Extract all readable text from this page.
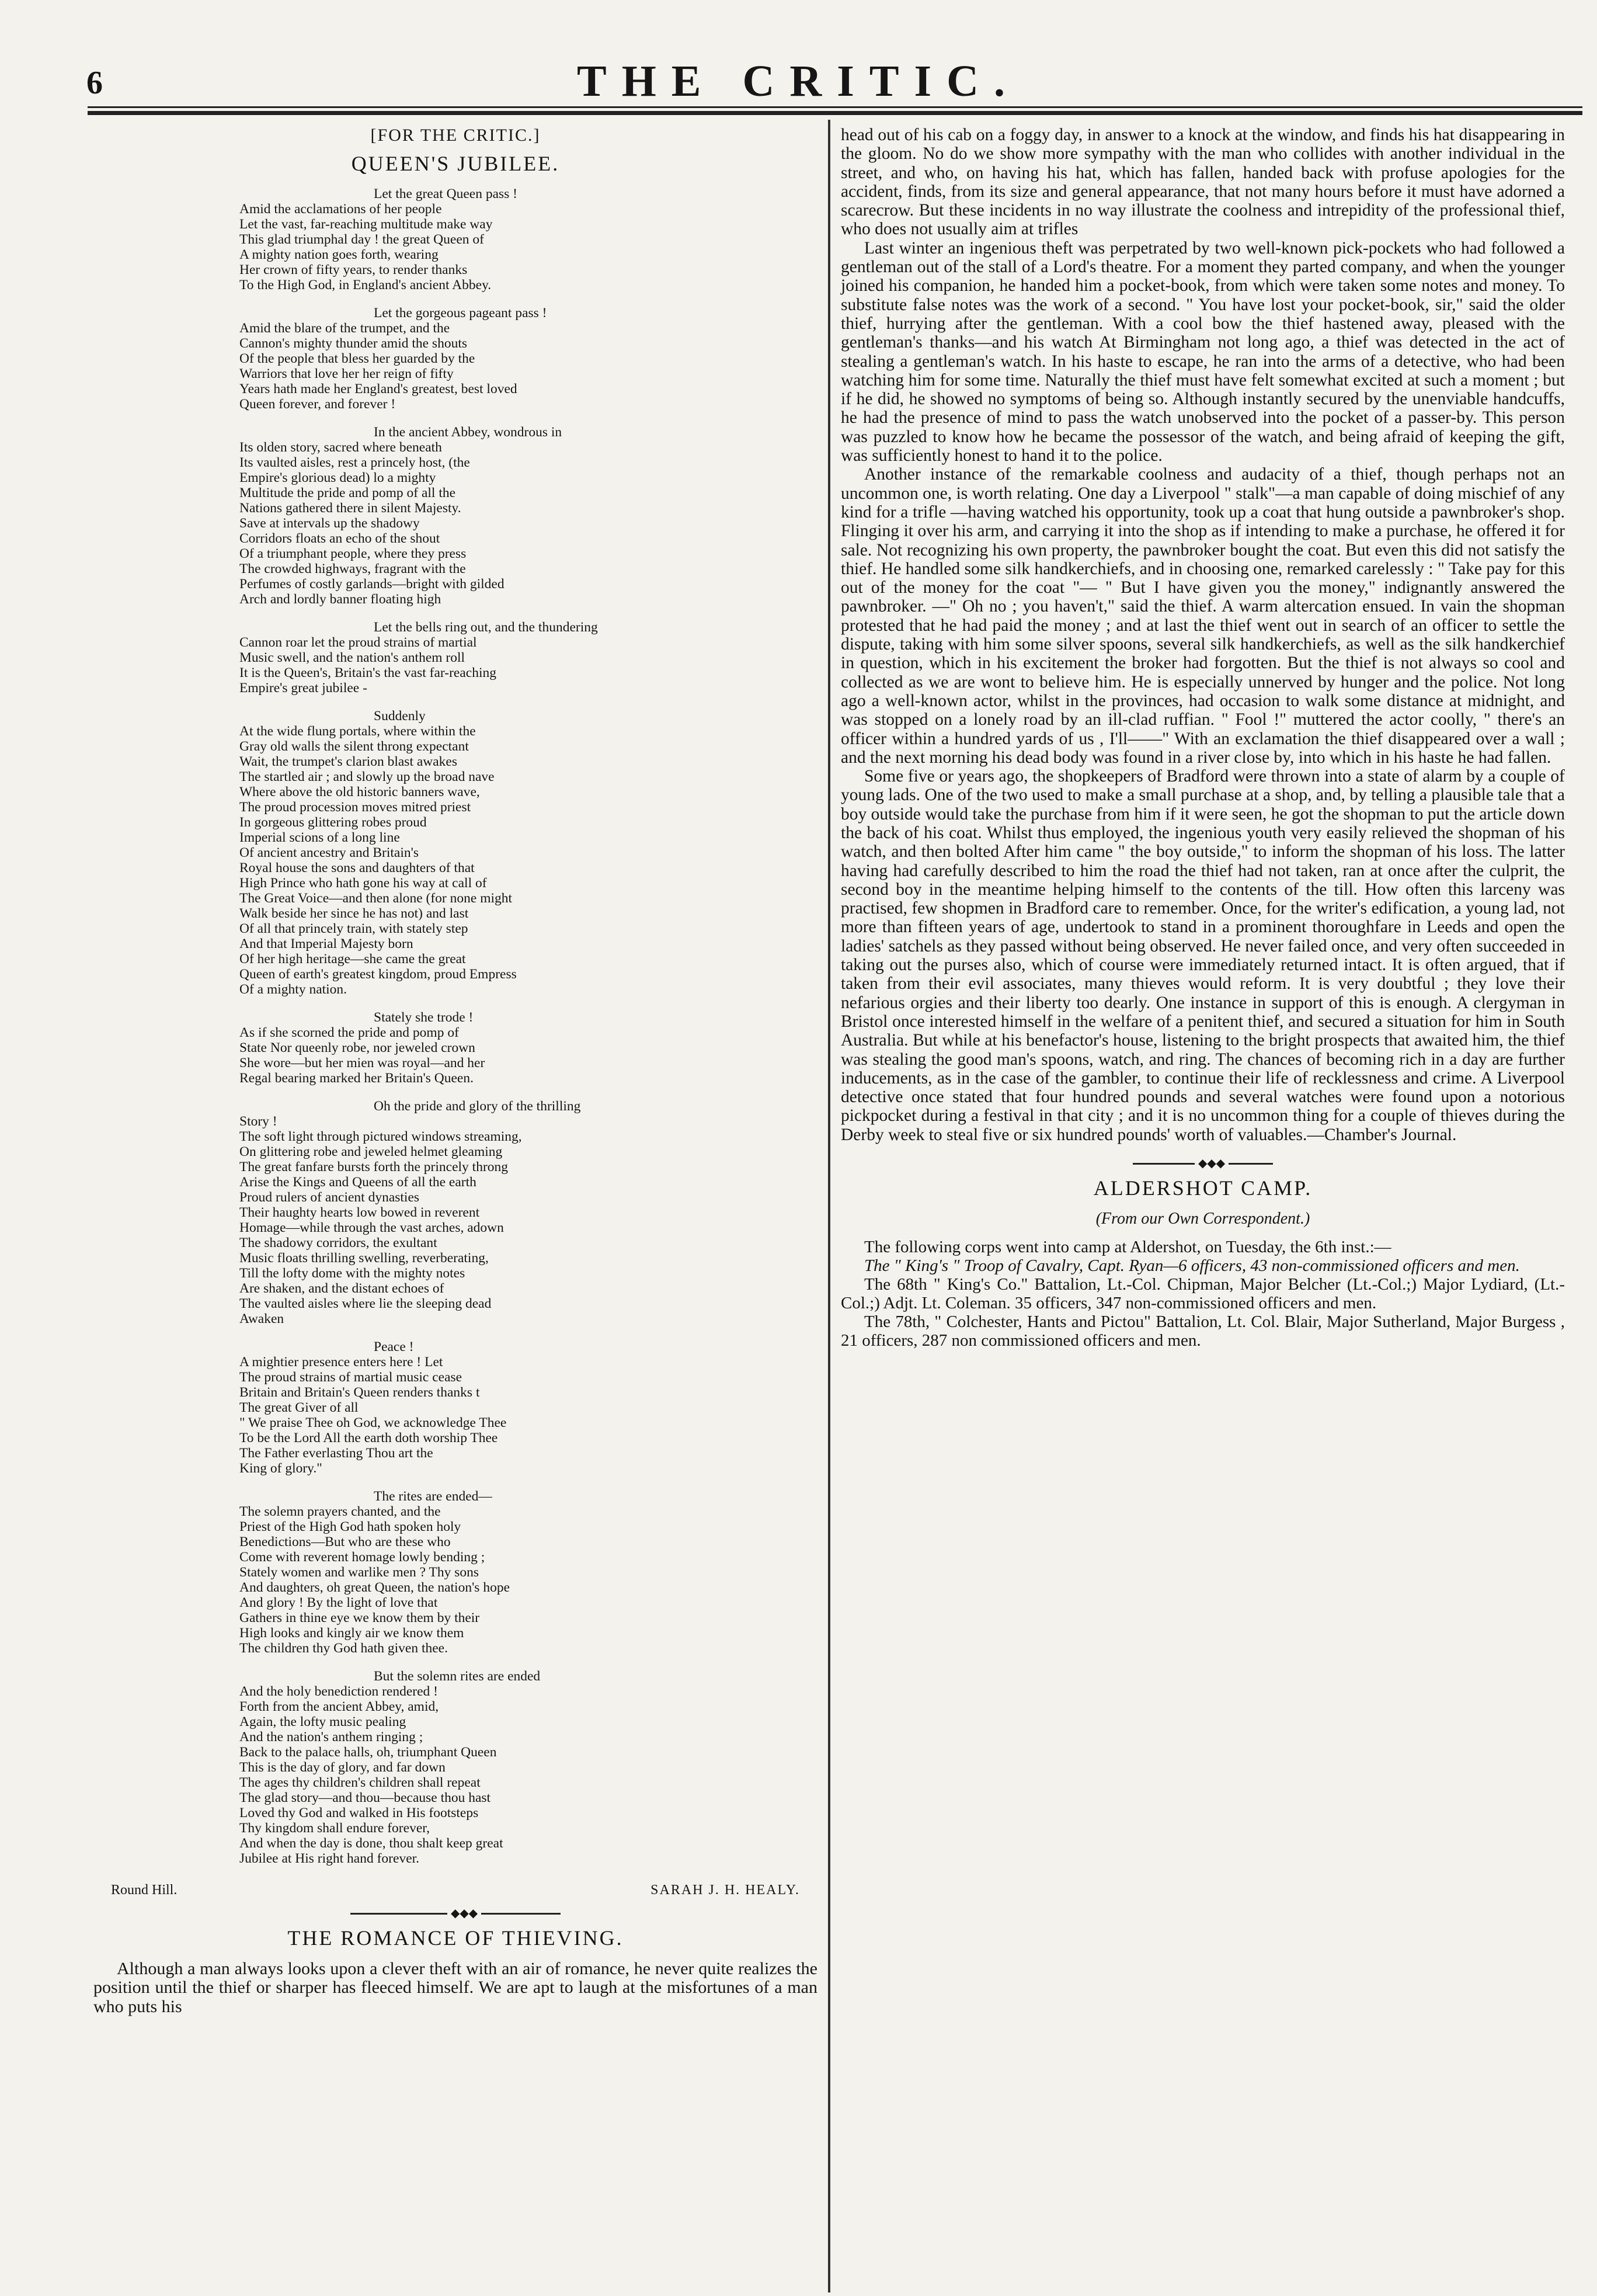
6	THE CRITIC.
[FOR THE CRITIC.]
QUEEN'S JUBILEE.
Let the great Queen pass !
Amid the acclamations of her people
Let the vast, far-reaching multitude make way
This glad triumphal day ! the great Queen of
A mighty nation goes forth, wearing
Her crown of fifty years, to render thanks
To the High God, in England's ancient Abbey.
Let the gorgeous pageant pass !
Amid the blare of the trumpet, and the
Cannon's mighty thunder amid the shouts
Of the people that bless her guarded by the
Warriors that love her her reign of fifty
Years hath made her England's greatest, best loved
Queen forever, and forever !
In the ancient Abbey, wondrous in
Its olden story, sacred where beneath
Its vaulted aisles, rest a princely host, (the
Empire's glorious dead) lo a mighty
Multitude the pride and pomp of all the
Nations gathered there in silent Majesty.
Save at intervals up the shadowy
Corridors floats an echo of the shout
Of a triumphant people, where they press
The crowded highways, fragrant with the
Perfumes of costly garlands—bright with gilded
Arch and lordly banner floating high
Let the bells ring out, and the thundering
Cannon roar let the proud strains of martial
Music swell, and the nation's anthem roll
It is the Queen's, Britain's the vast far-reaching
Empire's great jubilee -
Suddenly
At the wide flung portals, where within the
Gray old walls the silent throng expectant
Wait, the trumpet's clarion blast awakes
The startled air ; and slowly up the broad nave
Where above the old historic banners wave,
The proud procession moves mitred priest
In gorgeous glittering robes proud
Imperial scions of a long line
Of ancient ancestry and Britain's
Royal house the sons and daughters of that
High Prince who hath gone his way at call of
The Great Voice—and then alone (for none might
Walk beside her since he has not) and last
Of all that princely train, with stately step
And that Imperial Majesty born
Of her high heritage—she came the great
Queen of earth's greatest kingdom, proud Empress
Of a mighty nation.
Stately she trode !
As if she scorned the pride and pomp of
State Nor queenly robe, nor jeweled crown
She wore—but her mien was royal—and her
Regal bearing marked her Britain's Queen.
Oh the pride and glory of the thrilling
Story !
The soft light through pictured windows streaming,
On glittering robe and jeweled helmet gleaming
The great fanfare bursts forth the princely throng
Arise the Kings and Queens of all the earth
Proud rulers of ancient dynasties
Their haughty hearts low bowed in reverent
Homage—while through the vast arches, adown
The shadowy corridors, the exultant
Music floats thrilling swelling, reverberating,
Till the lofty dome with the mighty notes
Are shaken, and the distant echoes of
The vaulted aisles where lie the sleeping dead
Awaken
Peace !
A mightier presence enters here ! Let
The proud strains of martial music cease
Britain and Britain's Queen renders thanks t
The great Giver of all
" We praise Thee oh God, we acknowledge Thee
To be the Lord All the earth doth worship Thee
The Father everlasting Thou art the
King of glory."
The rites are ended—
The solemn prayers chanted, and the
Priest of the High God hath spoken holy
Benedictions—But who are these who
Come with reverent homage lowly bending ;
Stately women and warlike men ? Thy sons
And daughters, oh great Queen, the nation's hope
And glory ! By the light of love that
Gathers in thine eye we know them by their
High looks and kingly air we know them
The children thy God hath given thee.
But the solemn rites are ended
And the holy benediction rendered !
Forth from the ancient Abbey, amid,
Again, the lofty music pealing
And the nation's anthem ringing ;
Back to the palace halls, oh, triumphant Queen
This is the day of glory, and far down
The ages thy children's children shall repeat
The glad story—and thou—because thou hast
Loved thy God and walked in His footsteps
Thy kingdom shall endure forever,
And when the day is done, thou shalt keep great
Jubilee at His right hand forever.
Round Hill.	SARAH J. H. HEALY.
◆◆◆
THE ROMANCE OF THIEVING.

Although a man always looks upon a clever theft with an air of romance, he never quite realizes the position until the thief or sharper has fleeced himself. We are apt to laugh at the misfortunes of a man who puts his

head out of his cab on a foggy day, in answer to a knock at the window, and finds his hat disappearing in the gloom. No do we show more sympathy with the man who collides with another individual in the street, and who, on having his hat, which has fallen, handed back with profuse apologies for the accident, finds, from its size and general appearance, that not many hours before it must have adorned a scarecrow. But these incidents in no way illustrate the coolness and intrepidity of the professional thief, who does not usually aim at trifles

Last winter an ingenious theft was perpetrated by two well-known pick-pockets who had followed a gentleman out of the stall of a Lord's theatre. For a moment they parted company, and when the younger joined his companion, he handed him a pocket-book, from which were taken some notes and money. To substitute false notes was the work of a second. " You have lost your pocket-book, sir," said the older thief, hurrying after the gentleman. With a cool bow the thief hastened away, pleased with the gentleman's thanks—and his watch At Birmingham not long ago, a thief was detected in the act of stealing a gentleman's watch. In his haste to escape, he ran into the arms of a detective, who had been watching him for some time. Naturally the thief must have felt somewhat excited at such a moment ; but if he did, he showed no symptoms of being so. Although instantly secured by the unenviable handcuffs, he had the presence of mind to pass the watch unobserved into the pocket of a passer-by. This person was puzzled to know how he became the possessor of the watch, and being afraid of keeping the gift, was sufficiently honest to hand it to the police.

Another instance of the remarkable coolness and audacity of a thief, though perhaps not an uncommon one, is worth relating. One day a Liverpool " stalk"—a man capable of doing mischief of any kind for a trifle —having watched his opportunity, took up a coat that hung outside a pawnbroker's shop. Flinging it over his arm, and carrying it into the shop as if intending to make a purchase, he offered it for sale. Not recognizing his own property, the pawnbroker bought the coat. But even this did not satisfy the thief. He handled some silk handkerchiefs, and in choosing one, remarked carelessly : " Take pay for this out of the money for the coat "— " But I have given you the money," indignantly answered the pawnbroker. —" Oh no ; you haven't," said the thief. A warm altercation ensued. In vain the shopman protested that he had paid the money ; and at last the thief went out in search of an officer to settle the dispute, taking with him some silver spoons, several silk handkerchiefs, as well as the silk handkerchief in question, which in his excitement the broker had forgotten. But the thief is not always so cool and collected as we are wont to believe him. He is especially unnerved by hunger and the police. Not long ago a well-known actor, whilst in the provinces, had occasion to walk some distance at midnight, and was stopped on a lonely road by an ill-clad ruffian. " Fool !" muttered the actor coolly, " there's an officer within a hundred yards of us , I'll——" With an exclamation the thief disappeared over a wall ; and the next morning his dead body was found in a river close by, into which in his haste he had fallen.

Some five or years ago, the shopkeepers of Bradford were thrown into a state of alarm by a couple of young lads. One of the two used to make a small purchase at a shop, and, by telling a plausible tale that a boy outside would take the purchase from him if it were seen, he got the shopman to put the article down the back of his coat. Whilst thus employed, the ingenious youth very easily relieved the shopman of his watch, and then bolted After him came " the boy outside," to inform the shopman of his loss. The latter having had carefully described to him the road the thief had not taken, ran at once after the culprit, the second boy in the meantime helping himself to the contents of the till. How often this larceny was practised, few shopmen in Bradford care to remember. Once, for the writer's edification, a young lad, not more than fifteen years of age, undertook to stand in a prominent thoroughfare in Leeds and open the ladies' satchels as they passed without being observed. He never failed once, and very often succeeded in taking out the purses also, which of course were immediately returned intact. It is often argued, that if taken from their evil associates, many thieves would reform. It is very doubtful ; they love their nefarious orgies and their liberty too dearly. One instance in support of this is enough. A clergyman in Bristol once interested himself in the welfare of a penitent thief, and secured a situation for him in South Australia. But while at his benefactor's house, listening to the bright prospects that awaited him, the thief was stealing the good man's spoons, watch, and ring. The chances of becoming rich in a day are further inducements, as in the case of the gambler, to continue their life of recklessness and crime. A Liverpool detective once stated that four hundred pounds and several watches were found upon a notorious pickpocket during a festival in that city ; and it is no uncommon thing for a couple of thieves during the Derby week to steal five or six hundred pounds' worth of valuables.—Chamber's Journal.

◆◆◆
ALDERSHOT CAMP.
(From our Own Correspondent.)

The following corps went into camp at Aldershot, on Tuesday, the 6th inst.:—

The " King's " Troop of Cavalry, Capt. Ryan—6 officers, 43 non-commissioned officers and men.

The 68th " King's Co." Battalion, Lt.-Col. Chipman, Major Belcher (Lt.-Col.;) Major Lydiard, (Lt.-Col.;) Adjt. Lt. Coleman. 35 officers, 347 non-commissioned officers and men.

The 78th, " Colchester, Hants and Pictou" Battalion, Lt. Col. Blair, Major Sutherland, Major Burgess , 21 officers, 287 non commissioned officers and men.
